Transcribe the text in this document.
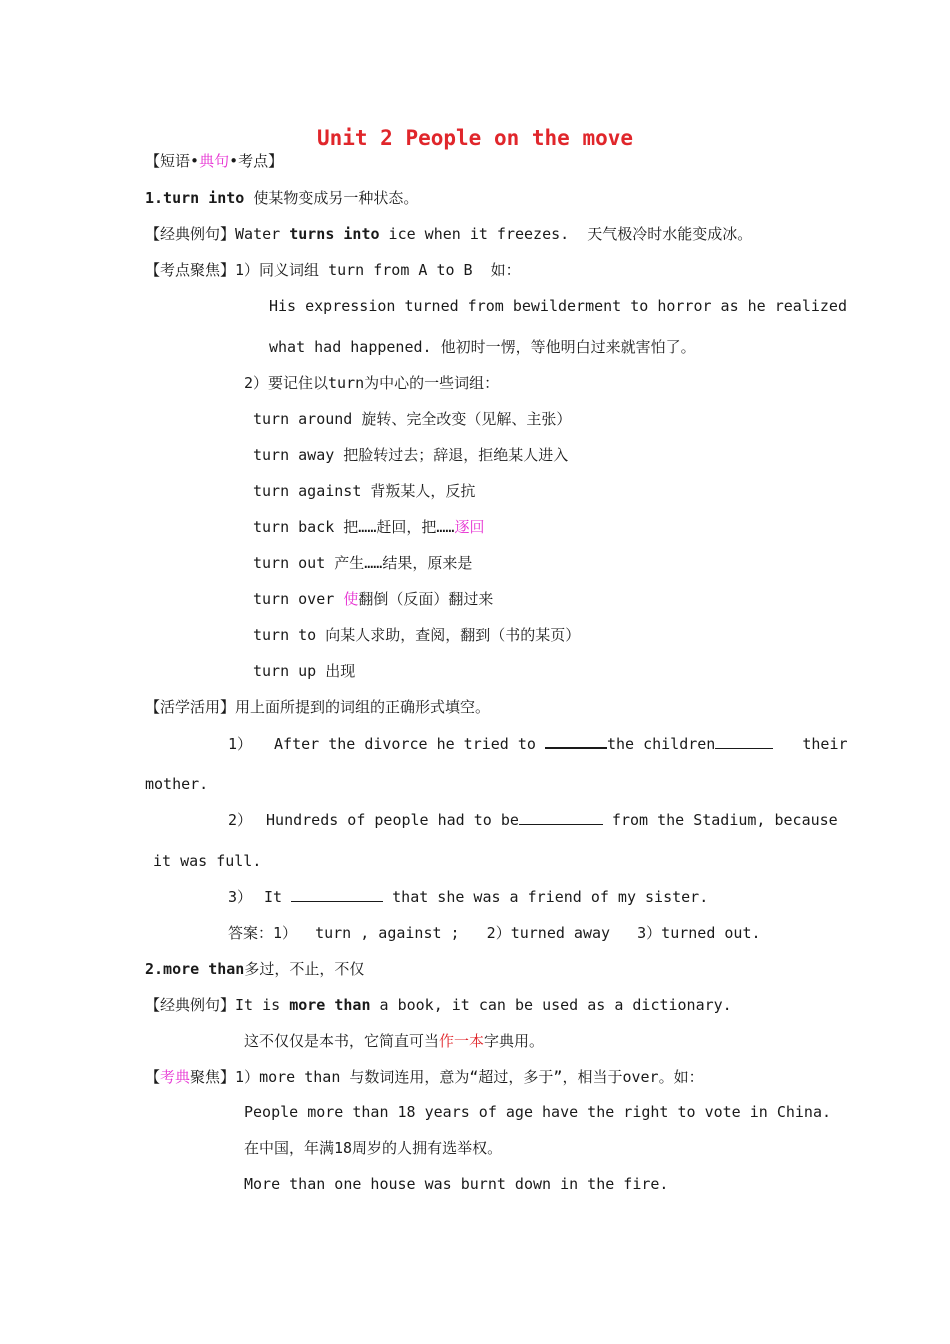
Unit 2 People on the move
【短语•典句•考点】
1.turn into 使某物变成另一种状态。
【经典例句】Water turns into ice when it freezes.  天气极冷时水能变成冰。
【考点聚焦】1）同义词组 turn from A to B  如：
His expression turned from bewilderment to horror as he realized
what had happened. 他初时一愣，等他明白过来就害怕了。
2）要记住以turn为中心的一些词组：
turn around 旋转、完全改变（见解、主张）
turn away 把脸转过去；辞退，拒绝某人进入
turn against 背叛某人，反抗
turn back 把……赶回，把……逐回
turn out 产生……结果，原来是
turn over 使翻倒（反面）翻过来
turn to 向某人求助，查阅，翻到（书的某页）
turn up 出现
【活学活用】用上面所提到的词组的正确形式填空。
1） After the divorce he tried to	the children	their
mother.
2） Hundreds of people had to be	from the Stadium, because
it was full.
3） It	that she was a friend of my sister.
答案：1）  turn , against ;   2）turned away   3）turned out.
2.more than多过，不止，不仅
【经典例句】It is more than a book, it can be used as a dictionary.
这不仅仅是本书，它简直可当作一本字典用。
【考典聚焦】1）more than 与数词连用，意为“超过，多于”，相当于over。如：
People more than 18 years of age have the right to vote in China.
在中国，年满18周岁的人拥有选举权。
More than one house was burnt down in the fire.
